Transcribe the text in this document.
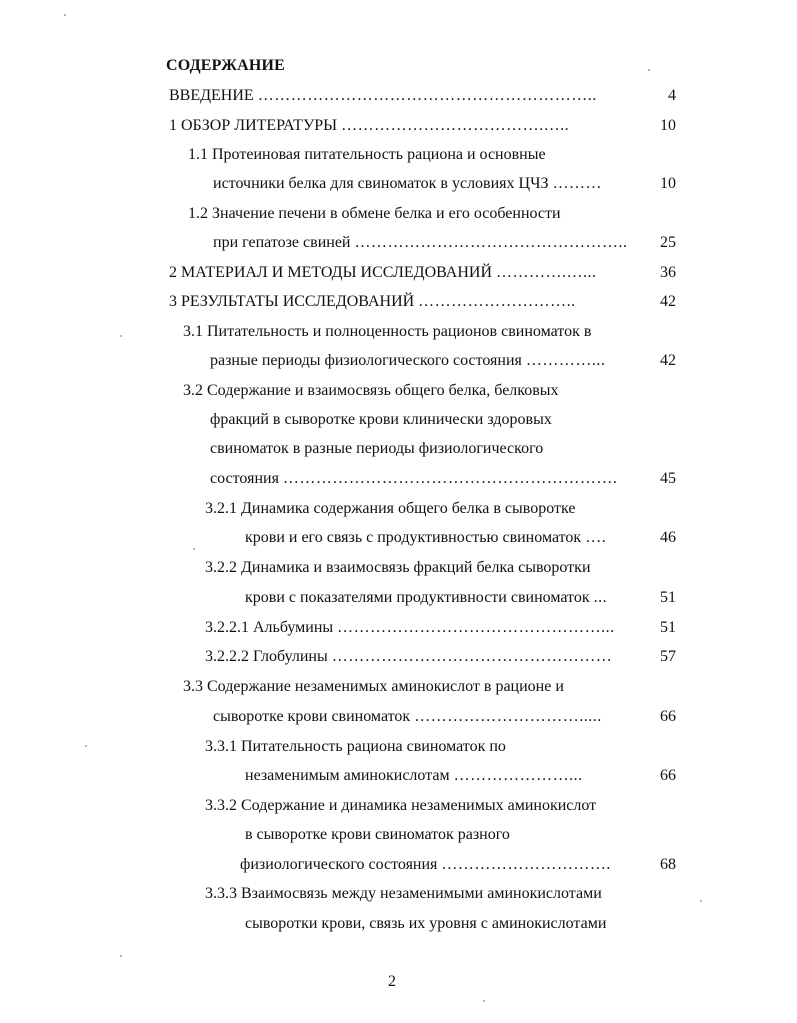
СОДЕРЖАНИЕ
ВВЕДЕНИЕ ……………………………………………………..	4
1 ОБЗОР ЛИТЕРАТУРЫ ……………………………….…..	10
1.1 Протеиновая питательность рациона и основные
источники белка для свиноматок в условиях ЦЧЗ ………	10
1.2 Значение печени в обмене белка и его особенности
при гепатозе свиней …………………………………………..	25
2 МАТЕРИАЛ И МЕТОДЫ ИССЛЕДОВАНИЙ ………….…...	36
3 РЕЗУЛЬТАТЫ ИССЛЕДОВАНИЙ ………………………..	42
3.1 Питательность и полноценность рационов свиноматок в
разные периоды физиологического состояния …………...	42
3.2 Содержание и взаимосвязь общего белка, белковых
фракций в сыворотке крови клинически здоровых
свиноматок в разные периоды физиологического
состояния …………………………………………………….	45
3.2.1 Динамика содержания общего белка в сыворотке
крови и его связь с продуктивностью свиноматок ….	46
3.2.2 Динамика и взаимосвязь фракций белка сыворотки
крови с показателями продуктивности свиноматок ...	51
3.2.2.1 Альбумины …………………………………………...	51
3.2.2.2 Глобулины ……………………………………………	57
3.3 Содержание незаменимых аминокислот в рационе и
сыворотке крови свиноматок ………………………….....	66
3.3.1 Питательность рациона свиноматок по
незаменимым аминокислотам …………………...	66
3.3.2 Содержание и динамика незаменимых аминокислот
в сыворотке крови свиноматок разного
физиологического состояния ………………………….	68
3.3.3 Взаимосвязь между незаменимыми аминокислотами
сыворотки крови, связь их уровня с аминокислотами
2
